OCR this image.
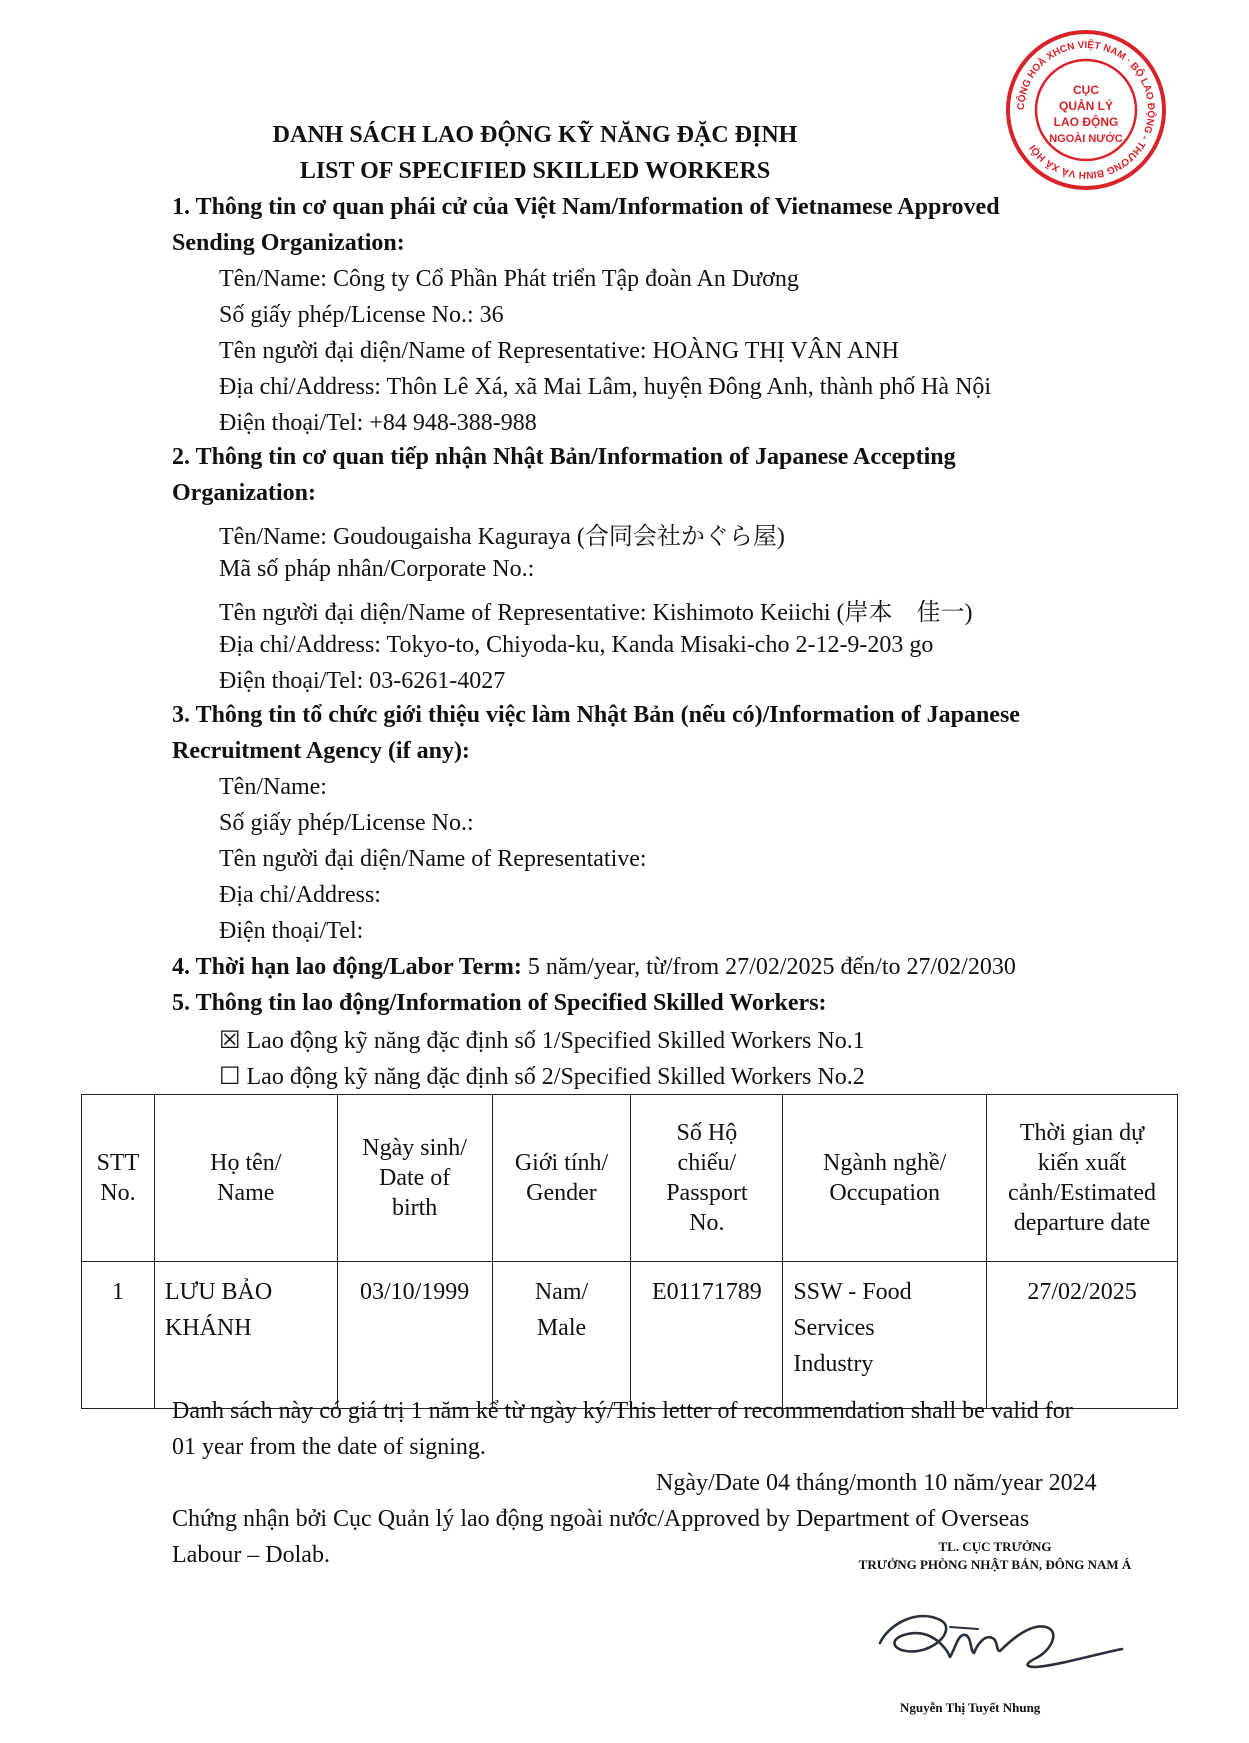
CỘNG HOÀ XHCN VIỆT NAM · BỘ LAO ĐỘNG - THƯƠNG BINH VÀ XÃ HỘI
CỤC
QUẢN LÝ
LAO ĐỘNG
NGOÀI NƯỚC
DANH SÁCH LAO ĐỘNG KỸ NĂNG ĐẶC ĐỊNH
LIST OF SPECIFIED SKILLED WORKERS
1. Thông tin cơ quan phái cử của Việt Nam/Information of Vietnamese Approved
Sending Organization:
Tên/Name: Công ty Cổ Phần Phát triển Tập đoàn An Dương
Số giấy phép/License No.: 36
Tên người đại diện/Name of Representative: HOÀNG THỊ VÂN ANH
Địa chỉ/Address: Thôn Lê Xá, xã Mai Lâm, huyện Đông Anh, thành phố Hà Nội
Điện thoại/Tel: +84 948-388-988
2. Thông tin cơ quan tiếp nhận Nhật Bản/Information of Japanese Accepting
Organization:
Tên/Name: Goudougaisha Kaguraya (合同会社かぐら屋)
Mã số pháp nhân/Corporate No.:
Tên người đại diện/Name of Representative: Kishimoto Keiichi (岸本　佳一)
Địa chỉ/Address: Tokyo-to, Chiyoda-ku, Kanda Misaki-cho 2-12-9-203 go
Điện thoại/Tel: 03-6261-4027
3. Thông tin tổ chức giới thiệu việc làm Nhật Bản (nếu có)/Information of Japanese
Recruitment Agency (if any):
Tên/Name:
Số giấy phép/License No.:
Tên người đại diện/Name of Representative:
Địa chỉ/Address:
Điện thoại/Tel:
4. Thời hạn lao động/Labor Term: 5 năm/year, từ/from 27/02/2025 đến/to 27/02/2030
5. Thông tin lao động/Information of Specified Skilled Workers:
☒ Lao động kỹ năng đặc định số 1/Specified Skilled Workers No.1
☐ Lao động kỹ năng đặc định số 2/Specified Skilled Workers No.2
STT
No.	Họ tên/
Name	Ngày sinh/
Date of
birth	Giới tính/
Gender	Số Hộ
chiếu/
Passport
No.	Ngành nghề/
Occupation	Thời gian dự
kiến xuất
cảnh/Estimated
departure date
1	LƯU BẢO
KHÁNH	03/10/1999	Nam/
Male	E01171789	SSW - Food
Services
Industry	27/02/2025
Danh sách này có giá trị 1 năm kể từ ngày ký/This letter of recommendation shall be valid for
01 year from the date of signing.
Ngày/Date 04 tháng/month 10 năm/year 2024
Chứng nhận bởi Cục Quản lý lao động ngoài nước/Approved by Department of Overseas
Labour – Dolab.	TL. CỤC TRƯỞNG
TRƯỞNG PHÒNG NHẬT BẢN, ĐÔNG NAM Á
Nguyễn Thị Tuyết Nhung
